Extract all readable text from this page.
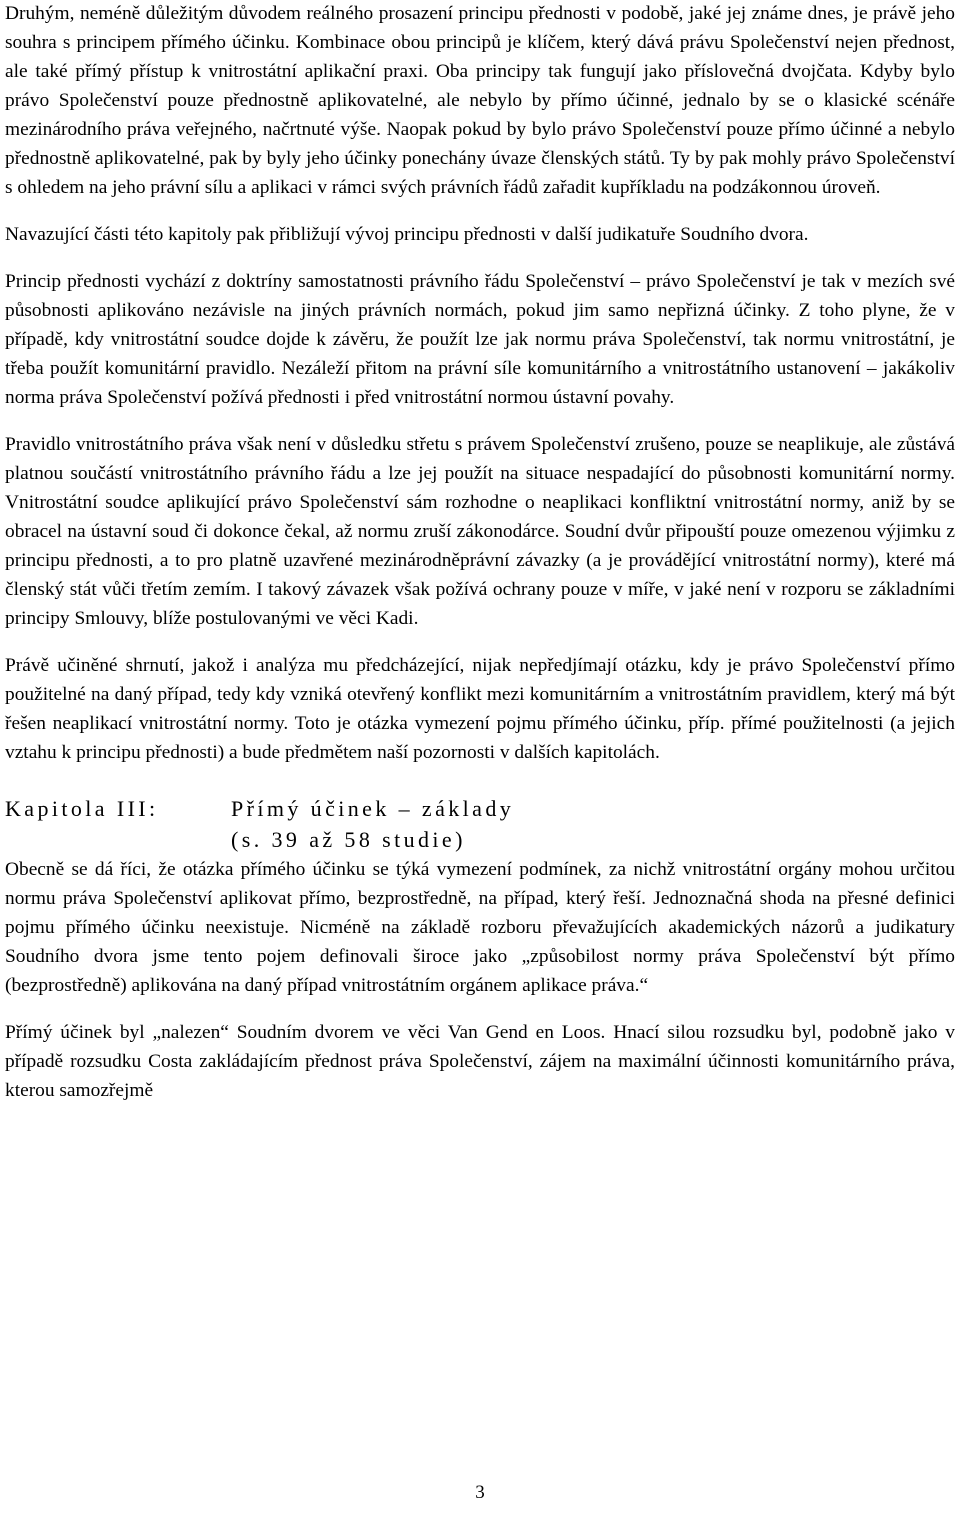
Druhým, neméně důležitým důvodem reálného prosazení principu přednosti v podobě, jaké jej známe dnes, je právě jeho souhra s principem přímého účinku. Kombinace obou principů je klíčem, který dává právu Společenství nejen přednost, ale také přímý přístup k vnitrostátní aplikační praxi. Oba principy tak fungují jako příslovečná dvojčata. Kdyby bylo právo Společenství pouze přednostně aplikovatelné, ale nebylo by přímo účinné, jednalo by se o klasické scénáře mezinárodního práva veřejného, načrtnuté výše. Naopak pokud by bylo právo Společenství pouze přímo účinné a nebylo přednostně aplikovatelné, pak by byly jeho účinky ponechány úvaze členských států. Ty by pak mohly právo Společenství s ohledem na jeho právní sílu a aplikaci v rámci svých právních řádů zařadit kupříkladu na podzákonnou úroveň.

Navazující části této kapitoly pak přibližují vývoj principu přednosti v další judikatuře Soudního dvora.

Princip přednosti vychází z doktríny samostatnosti právního řádu Společenství – právo Společenství je tak v mezích své působnosti aplikováno nezávisle na jiných právních normách, pokud jim samo nepřizná účinky. Z toho plyne, že v případě, kdy vnitrostátní soudce dojde k závěru, že použít lze jak normu práva Společenství, tak normu vnitrostátní, je třeba použít komunitární pravidlo. Nezáleží přitom na právní síle komunitárního a vnitrostátního ustanovení – jakákoliv norma práva Společenství požívá přednosti i před vnitrostátní normou ústavní povahy.

Pravidlo vnitrostátního práva však není v důsledku střetu s právem Společenství zrušeno, pouze se neaplikuje, ale zůstává platnou součástí vnitrostátního právního řádu a lze jej použít na situace nespadající do působnosti komunitární normy. Vnitrostátní soudce aplikující právo Společenství sám rozhodne o neaplikaci konfliktní vnitrostátní normy, aniž by se obracel na ústavní soud či dokonce čekal, až normu zruší zákonodárce. Soudní dvůr připouští pouze omezenou výjimku z principu přednosti, a to pro platně uzavřené mezinárodněprávní závazky (a je provádějící vnitrostátní normy), které má členský stát vůči třetím zemím. I takový závazek však požívá ochrany pouze v míře, v jaké není v rozporu se základními principy Smlouvy, blíže postulovanými ve věci Kadi.

Právě učiněné shrnutí, jakož i analýza mu předcházející, nijak nepředjímají otázku, kdy je právo Společenství přímo použitelné na daný případ, tedy kdy vzniká otevřený konflikt mezi komunitárním a vnitrostátním pravidlem, který má být řešen neaplikací vnitrostátní normy. Toto je otázka vymezení pojmu přímého účinku, příp. přímé použitelnosti (a jejich vztahu k principu přednosti) a bude předmětem naší pozornosti v dalších kapitolách.

Kapitola III:	Přímý účinek – základy
(s. 39 až 58 studie)

Obecně se dá říci, že otázka přímého účinku se týká vymezení podmínek, za nichž vnitrostátní orgány mohou určitou normu práva Společenství aplikovat přímo, bezprostředně, na případ, který řeší. Jednoznačná shoda na přesné definici pojmu přímého účinku neexistuje. Nicméně na základě rozboru převažujících akademických názorů a judikatury Soudního dvora jsme tento pojem definovali široce jako „způsobilost normy práva Společenství být přímo (bezprostředně) aplikována na daný případ vnitrostátním orgánem aplikace práva.“

Přímý účinek byl „nalezen“ Soudním dvorem ve věci Van Gend en Loos. Hnací silou rozsudku byl, podobně jako v případě rozsudku Costa zakládajícím přednost práva Společenství, zájem na maximální účinnosti komunitárního práva, kterou samozřejmě

3
